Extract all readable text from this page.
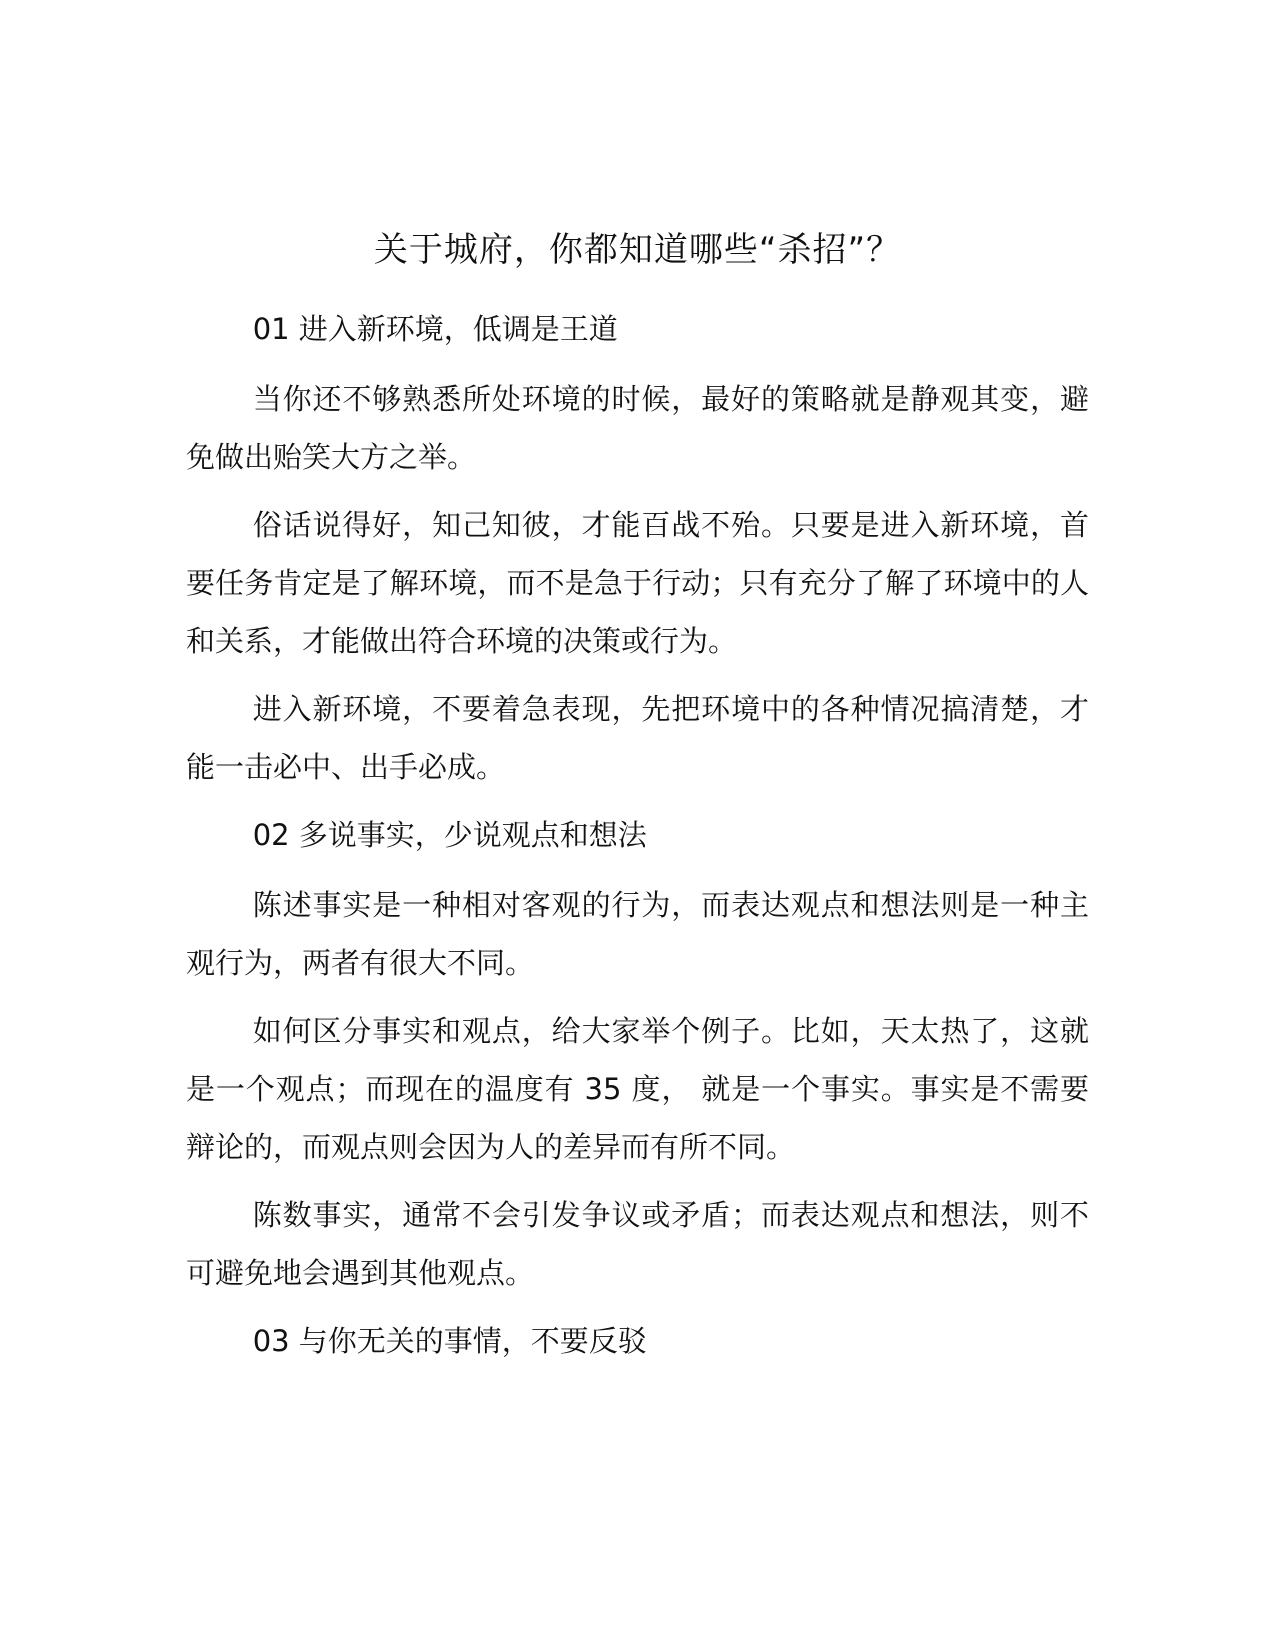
关于城府，你都知道哪些“杀招”？

01 进入新环境，低调是王道

当你还不够熟悉所处环境的时候，最好的策略就是静观其变，避免做出贻笑大方之举。

俗话说得好，知己知彼，才能百战不殆。只要是进入新环境，首要任务肯定是了解环境，而不是急于行动；只有充分了解了环境中的人和关系，才能做出符合环境的决策或行为。

进入新环境，不要着急表现，先把环境中的各种情况搞清楚，才能一击必中、出手必成。

02 多说事实，少说观点和想法

陈述事实是一种相对客观的行为，而表达观点和想法则是一种主观行为，两者有很大不同。

如何区分事实和观点，给大家举个例子。比如，天太热了，这就是一个观点；而现在的温度有 35 度， 就是一个事实。事实是不需要辩论的，而观点则会因为人的差异而有所不同。

陈数事实，通常不会引发争议或矛盾；而表达观点和想法，则不可避免地会遇到其他观点。

03 与你无关的事情，不要反驳
